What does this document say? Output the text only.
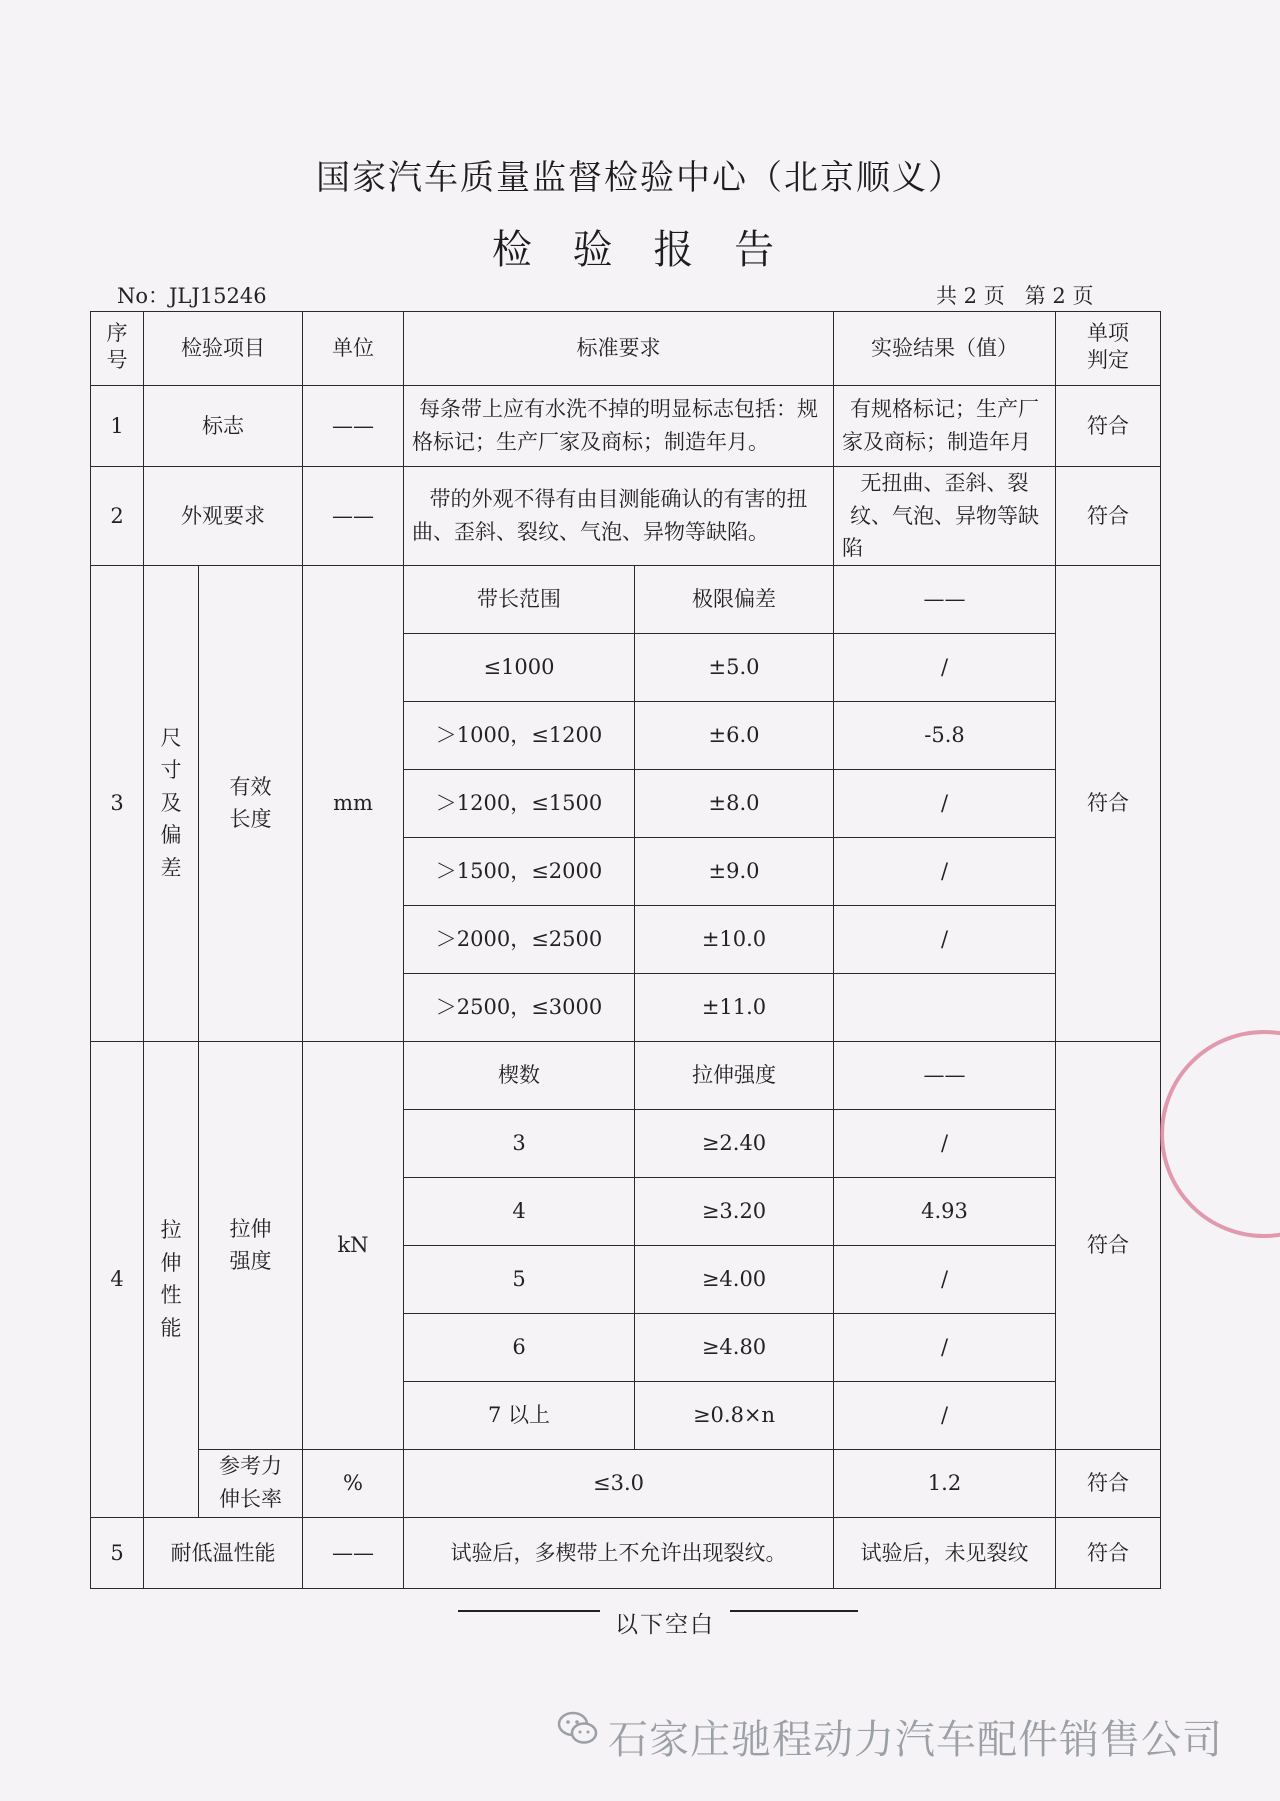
国家汽车质量监督检验中心（北京顺义）
检 验 报 告
No：JLJ15246	共 2 页   第 2 页
序号	检验项目		单位	标准要求		实验结果（值）	单项判定
1	标志		——	每条带上应有水洗不掉的明显标志包括：规格标记；生产厂家及商标；制造年月。		有规格标记；生产厂家及商标；制造年月	符合
2	外观要求		——	带的外观不得有由目测能确认的有害的扭曲、歪斜、裂纹、气泡、异物等缺陷。		无扭曲、歪斜、裂纹、气泡、异物等缺陷	符合
3	尺寸及偏差	有效长度	mm	带长范围	极限偏差	——	符合
				≤1000	±5.0	/	
				＞1000，≤1200	±6.0	-5.8	
				＞1200，≤1500	±8.0	/	
				＞1500，≤2000	±9.0	/	
				＞2000，≤2500	±10.0	/	
				＞2500，≤3000	±11.0		
4	拉伸性能	拉伸强度	kN	楔数	拉伸强度	——	符合
				3	≥2.40	/	
				4	≥3.20	4.93	
				5	≥4.00	/	
				6	≥4.80	/	
				7 以上	≥0.8×n	/	
		参考力伸长率	%	≤3.0		1.2	符合
5	耐低温性能		——	试验后，多楔带上不允许出现裂纹。		试验后，未见裂纹	符合
以下空白
石家庄驰程动力汽车配件销售公司
